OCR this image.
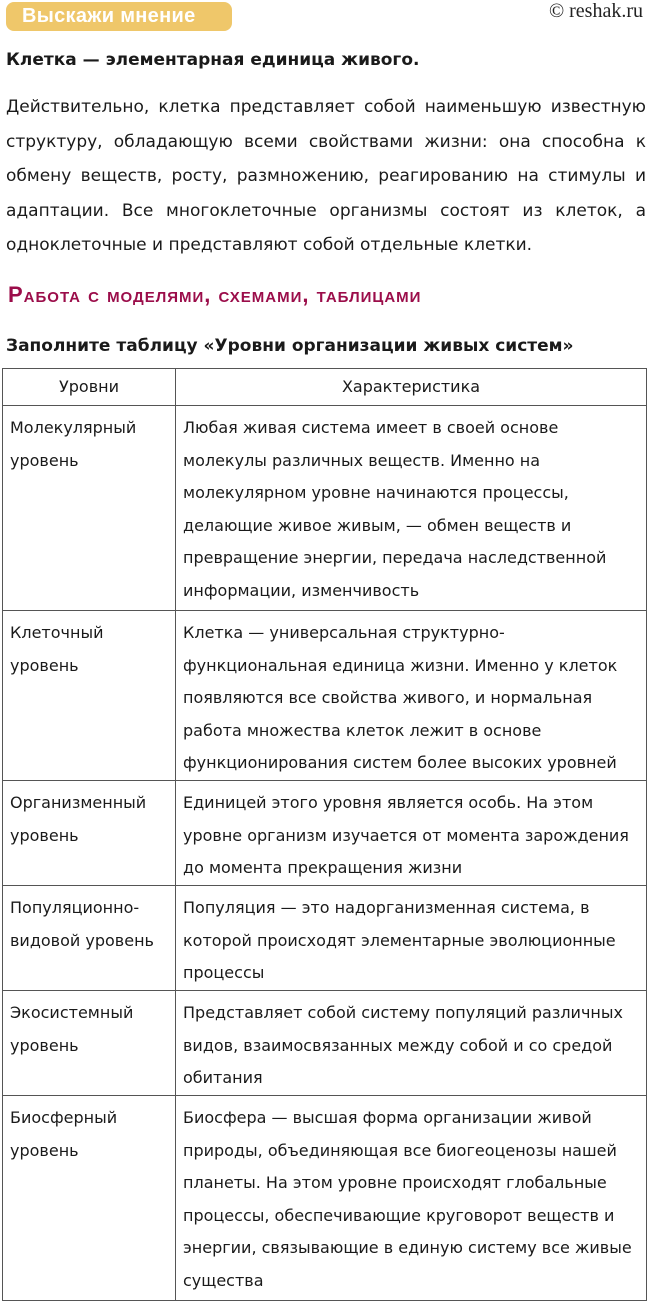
Выскажи мнение	© reshak.ru
Клетка — элементарная единица живого.
Действительно, клетка представляет собой наименьшую известную структуру, обладающую всеми свойствами жизни: она способна к обмену веществ, росту, размножению, реагированию на стимулы и адаптации. Все многоклеточные организмы состоят из клеток, а одноклеточные и представляют собой отдельные клетки.
Работа с моделями, схемами, таблицами
Заполните таблицу «Уровни организации живых систем»
Уровни	Характеристика
Молекулярный уровень	Любая живая система имеет в своей основе молекулы различных веществ. Именно на молекулярном уровне начинаются процессы, делающие живое живым, — обмен веществ и превращение энергии, передача наследственной информации, изменчивость
Клеточный уровень	Клетка — универсальная структурно-функциональная единица жизни. Именно у клеток появляются все свойства живого, и нормальная работа множества клеток лежит в основе функционирования систем более высоких уровней
Организменный уровень	Единицей этого уровня является особь. На этом уровне организм изучается от момента зарождения до момента прекращения жизни
Популяционно-видовой уровень	Популяция — это надорганизменная система, в которой происходят элементарные эволюционные процессы
Экосистемный уровень	Представляет собой систему популяций различных видов, взаимосвязанных между собой и со средой обитания
Биосферный уровень	Биосфера — высшая форма организации живой природы, объединяющая все биогеоценозы нашей планеты. На этом уровне происходят глобальные процессы, обеспечивающие круговорот веществ и энергии, связывающие в единую систему все живые существа
